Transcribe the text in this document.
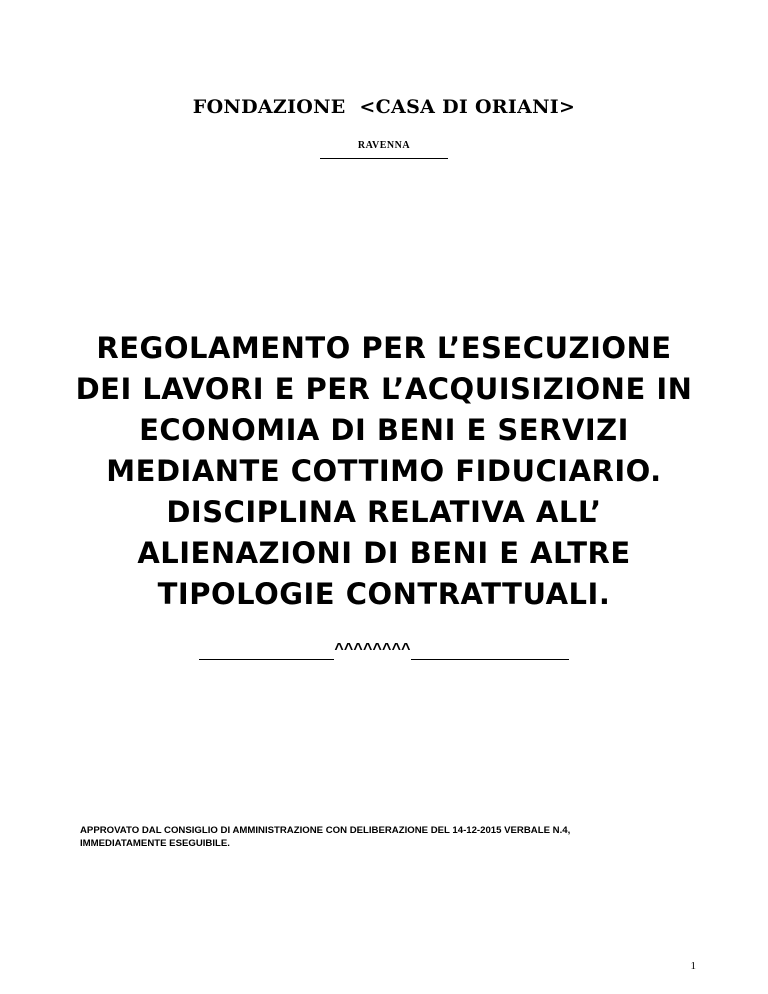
FONDAZIONE  <CASA DI ORIANI>
RAVENNA
REGOLAMENTO PER L’ESECUZIONE
DEI LAVORI E PER L’ACQUISIZIONE IN
ECONOMIA DI BENI E SERVIZI
MEDIANTE COTTIMO FIDUCIARIO.
DISCIPLINA RELATIVA ALL’
ALIENAZIONI DI BENI E ALTRE
TIPOLOGIE CONTRATTUALI.
^^^^^^^^
APPROVATO DAL CONSIGLIO DI AMMINISTRAZIONE CON DELIBERAZIONE DEL 14-12-2015 VERBALE N.4,
IMMEDIATAMENTE ESEGUIBILE.
1
